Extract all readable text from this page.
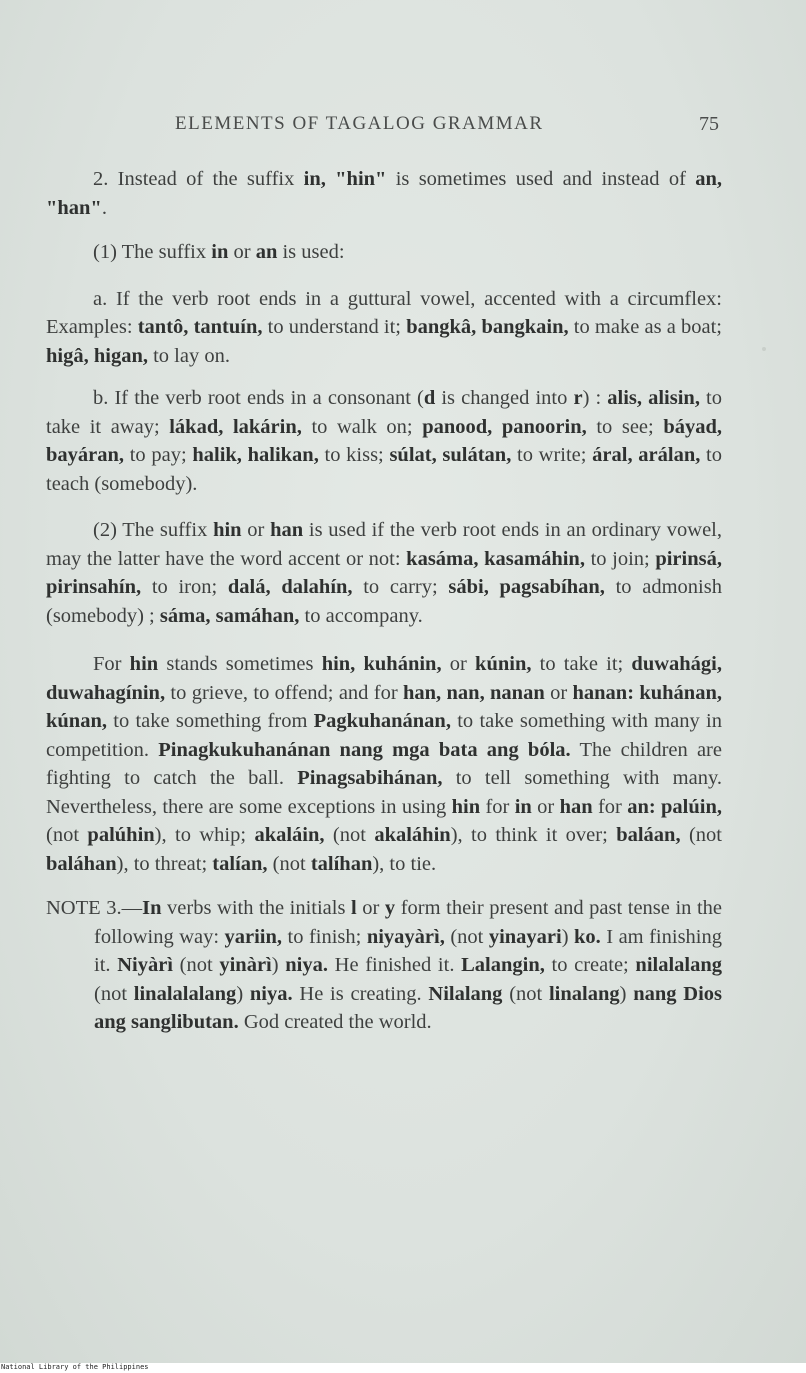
ELEMENTS OF TAGALOG GRAMMAR	75

2. Instead of the suffix in, "hin" is sometimes used and instead of an, "han".

(1) The suffix in or an is used:

a. If the verb root ends in a guttural vowel, accented with a circumflex: Examples: tantô, tantuín, to understand it; bangkâ, bangkain, to make as a boat; higâ, higan, to lay on.

b. If the verb root ends in a consonant (d is changed into r) : alis, alisin, to take it away; lákad, lakárin, to walk on; panood, panoorin, to see; báyad, bayáran, to pay; halik, halikan, to kiss; súlat, sulátan, to write; áral, arálan, to teach (somebody).

(2) The suffix hin or han is used if the verb root ends in an ordinary vowel, may the latter have the word accent or not: kasáma, kasamáhin, to join; pirinsá, pirinsahín, to iron; dalá, dalahín, to carry; sábi, pagsabíhan, to admonish (somebody) ; sáma, samáhan, to accompany.

For hin stands sometimes hin, kuhánin, or kúnin, to take it; duwahági, duwahagínin, to grieve, to offend; and for han, nan, nanan or hanan: kuhánan, kúnan, to take something from Pagkuhanánan, to take something with many in competition. Pinagkukuhanánan nang mga bata ang bóla. The children are fighting to catch the ball. Pinagsabihánan, to tell something with many. Nevertheless, there are some exceptions in using hin for in or han for an: palúin, (not palúhin), to whip; akaláin, (not akaláhin), to think it over; baláan, (not baláhan), to threat; talían, (not talíhan), to tie.

NOTE 3.—In verbs with the initials l or y form their present and past tense in the following way: yariin, to finish; niyayàrì, (not yinayari) ko. I am finishing it. Niyàrì (not yinàrì) niya. He finished it. Lalangin, to create; nilalalang (not linalalalang) niya. He is creating. Nilalang (not linalang) nang Dios ang sanglibutan. God created the world.

National Library of the Philippines
